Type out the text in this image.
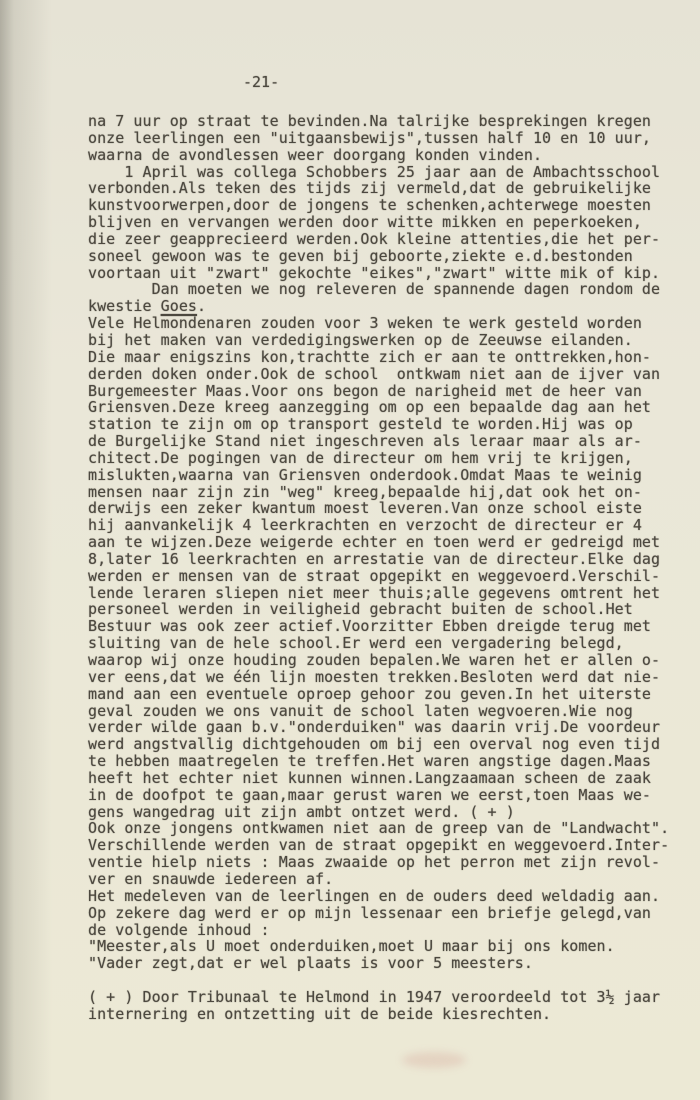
-21-
na 7 uur op straat te bevinden.Na talrijke besprekingen kregen
onze leerlingen een "uitgaansbewijs",tussen half 10 en 10 uur,
waarna de avondlessen weer doorgang konden vinden.
1 April was collega Schobbers 25 jaar aan de Ambachtsschool
verbonden.Als teken des tijds zij vermeld,dat de gebruikelijke
kunstvoorwerpen,door de jongens te schenken,achterwege moesten
blijven en vervangen werden door witte mikken en peperkoeken,
die zeer geapprecieerd werden.Ook kleine attenties,die het per-
soneel gewoon was te geven bij geboorte,ziekte e.d.bestonden
voortaan uit "zwart" gekochte "eikes","zwart" witte mik of kip.
Dan moeten we nog releveren de spannende dagen rondom de
kwestie Goes.
Vele Helmondenaren zouden voor 3 weken te werk gesteld worden
bij het maken van verdedigingswerken op de Zeeuwse eilanden.
Die maar enigszins kon,trachtte zich er aan te onttrekken,hon-
derden doken onder.Ook de school  ontkwam niet aan de ijver van
Burgemeester Maas.Voor ons begon de narigheid met de heer van
Griensven.Deze kreeg aanzegging om op een bepaalde dag aan het
station te zijn om op transport gesteld te worden.Hij was op
de Burgelijke Stand niet ingeschreven als leraar maar als ar-
chitect.De pogingen van de directeur om hem vrij te krijgen,
mislukten,waarna van Griensven onderdook.Omdat Maas te weinig
mensen naar zijn zin "weg" kreeg,bepaalde hij,dat ook het on-
derwijs een zeker kwantum moest leveren.Van onze school eiste
hij aanvankelijk 4 leerkrachten en verzocht de directeur er 4
aan te wijzen.Deze weigerde echter en toen werd er gedreigd met
8,later 16 leerkrachten en arrestatie van de directeur.Elke dag
werden er mensen van de straat opgepikt en weggevoerd.Verschil-
lende leraren sliepen niet meer thuis;alle gegevens omtrent het
personeel werden in veiligheid gebracht buiten de school.Het
Bestuur was ook zeer actief.Voorzitter Ebben dreigde terug met
sluiting van de hele school.Er werd een vergadering belegd,
waarop wij onze houding zouden bepalen.We waren het er allen o-
ver eens,dat we één lijn moesten trekken.Besloten werd dat nie-
mand aan een eventuele oproep gehoor zou geven.In het uiterste
geval zouden we ons vanuit de school laten wegvoeren.Wie nog
verder wilde gaan b.v."onderduiken" was daarin vrij.De voordeur
werd angstvallig dichtgehouden om bij een overval nog even tijd
te hebben maatregelen te treffen.Het waren angstige dagen.Maas
heeft het echter niet kunnen winnen.Langzaamaan scheen de zaak
in de doofpot te gaan,maar gerust waren we eerst,toen Maas we-
gens wangedrag uit zijn ambt ontzet werd. ( + )
Ook onze jongens ontkwamen niet aan de greep van de "Landwacht".
Verschillende werden van de straat opgepikt en weggevoerd.Inter-
ventie hielp niets : Maas zwaaide op het perron met zijn revol-
ver en snauwde iedereen af.
Het medeleven van de leerlingen en de ouders deed weldadig aan.
Op zekere dag werd er op mijn lessenaar een briefje gelegd,van
de volgende inhoud :
"Meester,als U moet onderduiken,moet U maar bij ons komen.
"Vader zegt,dat er wel plaats is voor 5 meesters.
( + ) Door Tribunaal te Helmond in 1947 veroordeeld tot 3½ jaar
internering en ontzetting uit de beide kiesrechten.
